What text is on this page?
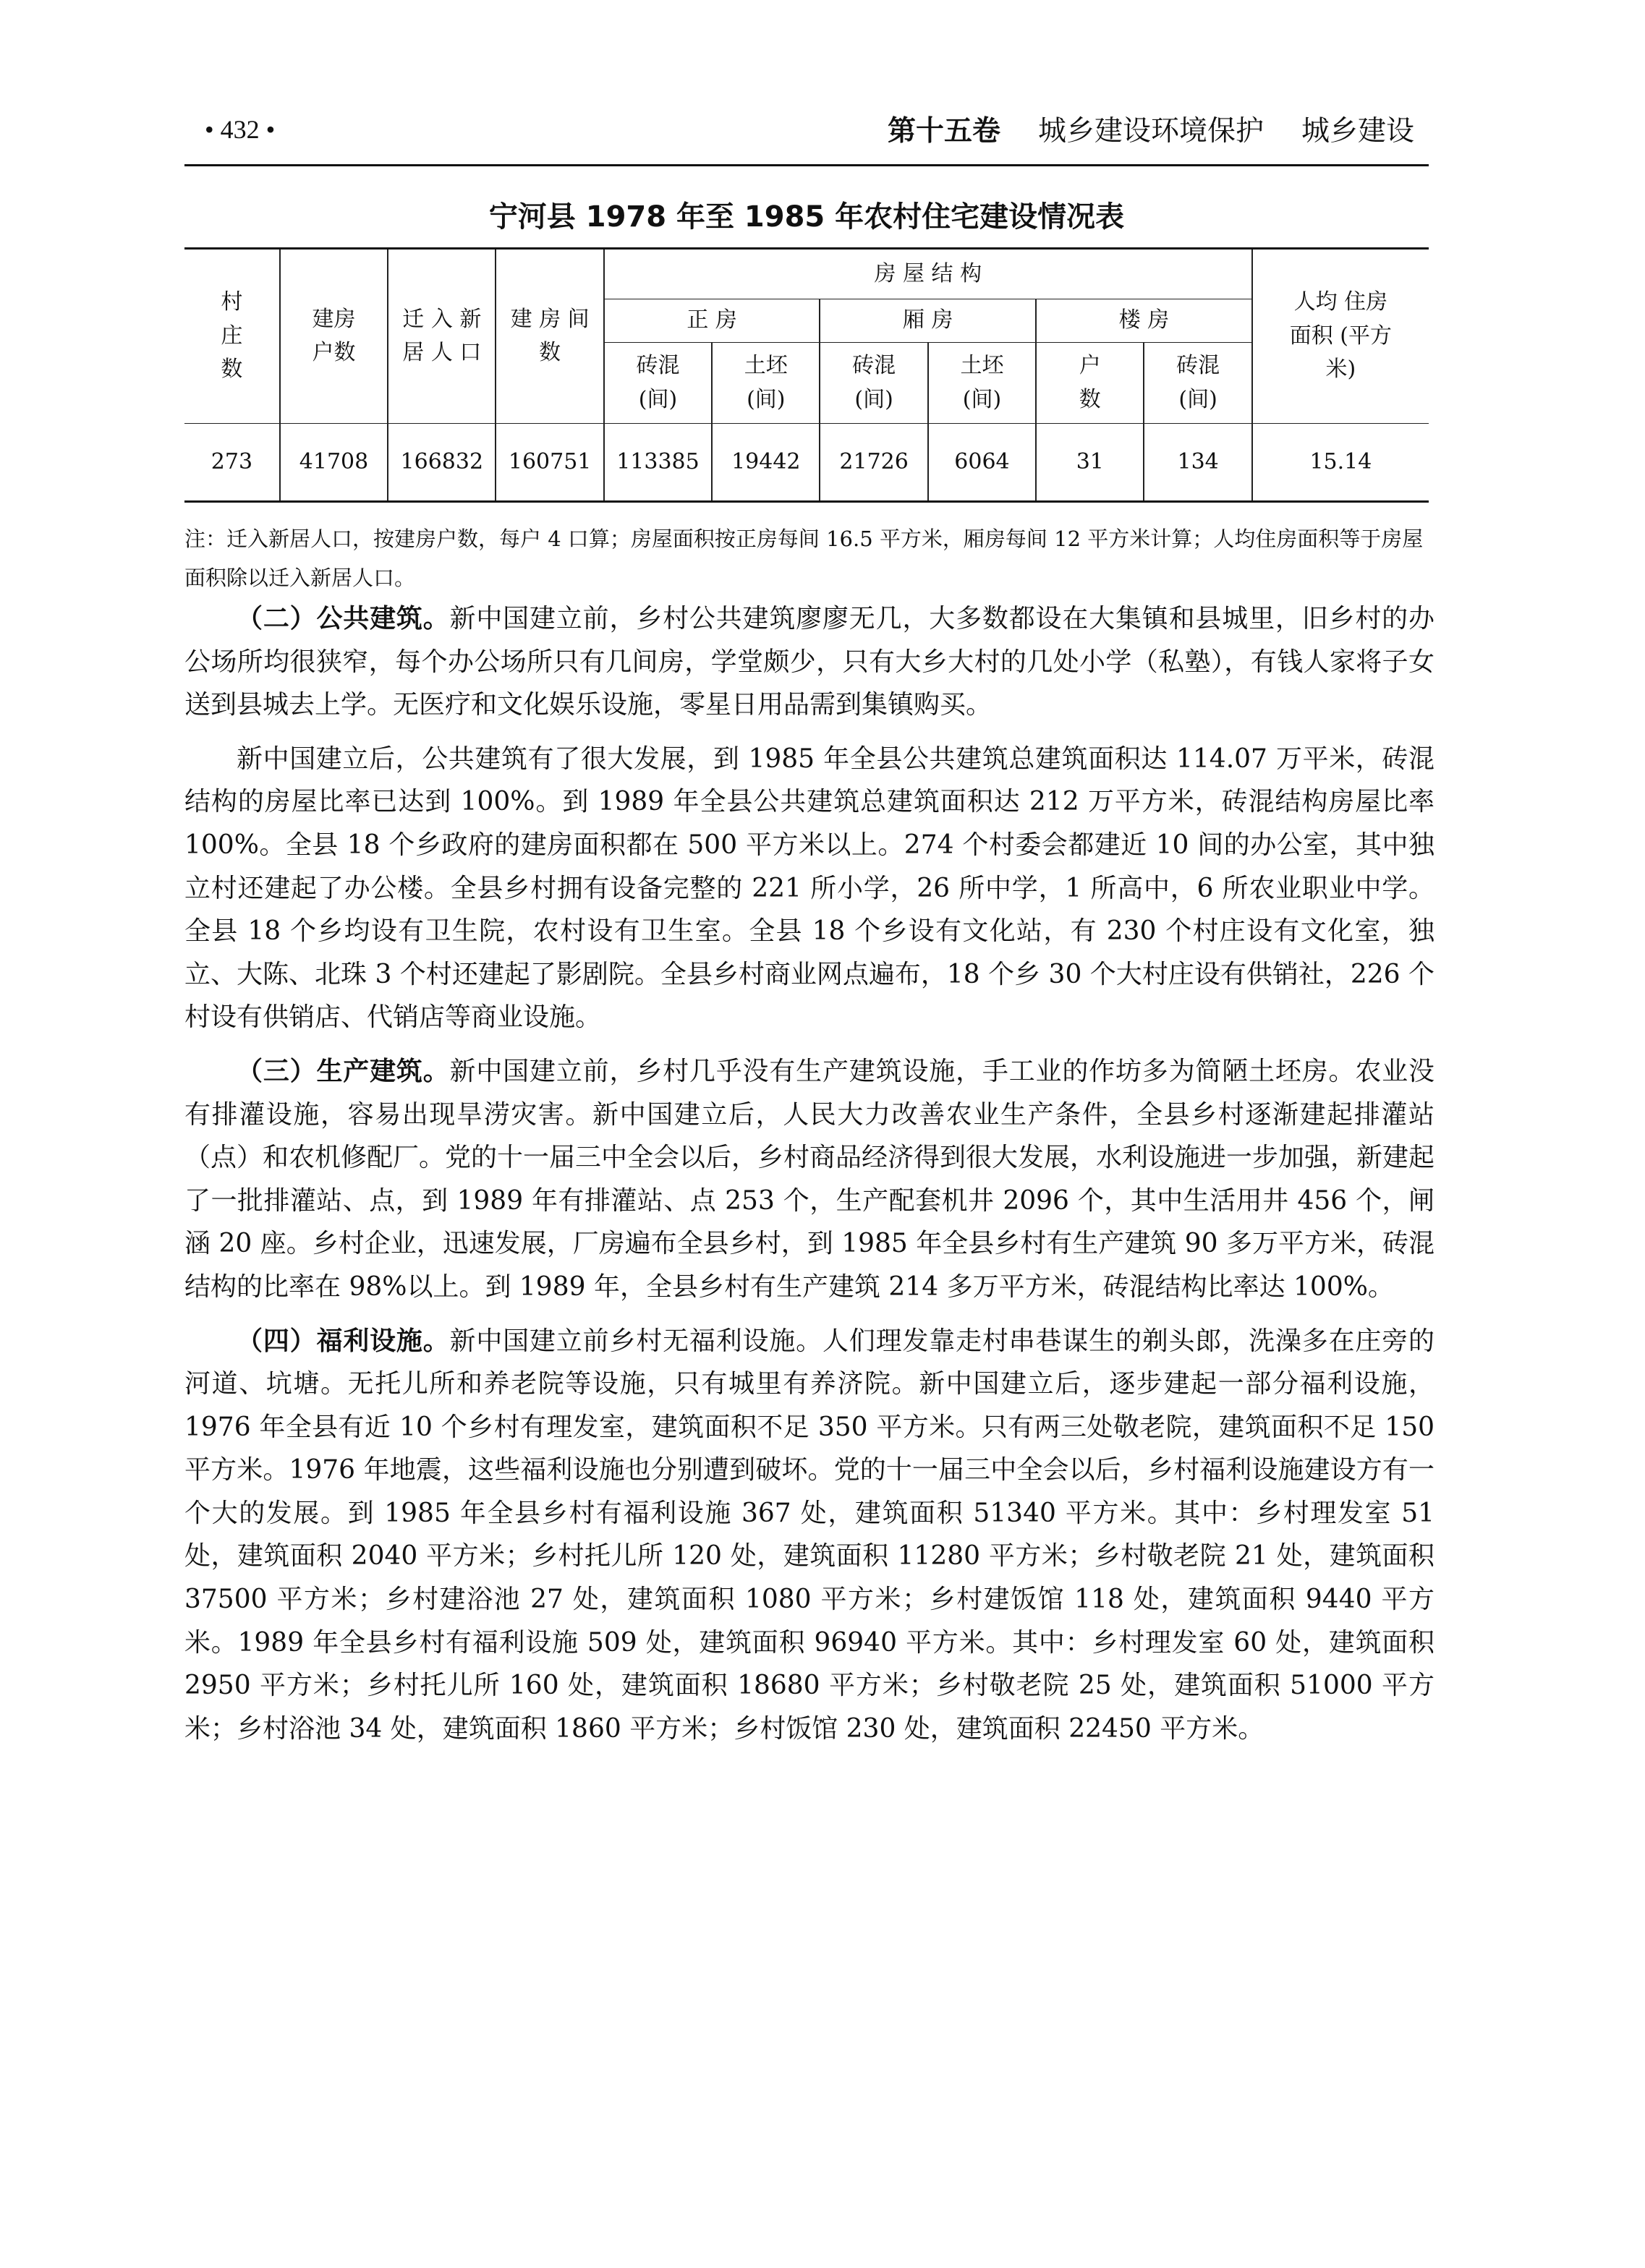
• 432 •	第十五卷 城乡建设环境保护 城乡建设
宁河县 1978 年至 1985 年农村住宅建设情况表
村 庄 数	建房 户数	迁 入 新 居 人 口	建 房 间 数	房 屋 结 构						人均 住房 面积 (平方米)
				正 房		厢 房		楼 房		
				砖混 (间)	土坯 (间)	砖混 (间)	土坯 (间)	户 数	砖混 (间)	
273	41708	166832	160751	113385	19442	21726	6064	31	134	15.14
注：迁入新居人口，按建房户数，每户 4 口算；房屋面积按正房每间 16.5 平方米，厢房每间 12 平方米计算；人均住房面积等于房屋面积除以迁入新居人口。

（二）公共建筑。新中国建立前，乡村公共建筑廖廖无几，大多数都设在大集镇和县城里，旧乡村的办公场所均很狭窄，每个办公场所只有几间房，学堂颇少，只有大乡大村的几处小学（私塾），有钱人家将子女送到县城去上学。无医疗和文化娱乐设施，零星日用品需到集镇购买。

新中国建立后，公共建筑有了很大发展，到 1985 年全县公共建筑总建筑面积达 114.07 万平米，砖混结构的房屋比率已达到 100%。到 1989 年全县公共建筑总建筑面积达 212 万平方米，砖混结构房屋比率 100%。全县 18 个乡政府的建房面积都在 500 平方米以上。274 个村委会都建近 10 间的办公室，其中独立村还建起了办公楼。全县乡村拥有设备完整的 221 所小学，26 所中学，1 所高中，6 所农业职业中学。全县 18 个乡均设有卫生院，农村设有卫生室。全县 18 个乡设有文化站，有 230 个村庄设有文化室，独立、大陈、北珠 3 个村还建起了影剧院。全县乡村商业网点遍布，18 个乡 30 个大村庄设有供销社，226 个村设有供销店、代销店等商业设施。

（三）生产建筑。新中国建立前，乡村几乎没有生产建筑设施，手工业的作坊多为简陋土坯房。农业没有排灌设施，容易出现旱涝灾害。新中国建立后，人民大力改善农业生产条件，全县乡村逐渐建起排灌站（点）和农机修配厂。党的十一届三中全会以后，乡村商品经济得到很大发展，水利设施进一步加强，新建起了一批排灌站、点，到 1989 年有排灌站、点 253 个，生产配套机井 2096 个，其中生活用井 456 个，闸涵 20 座。乡村企业，迅速发展，厂房遍布全县乡村，到 1985 年全县乡村有生产建筑 90 多万平方米，砖混结构的比率在 98%以上。到 1989 年，全县乡村有生产建筑 214 多万平方米，砖混结构比率达 100%。

（四）福利设施。新中国建立前乡村无福利设施。人们理发靠走村串巷谋生的剃头郎，洗澡多在庄旁的河道、坑塘。无托儿所和养老院等设施，只有城里有养济院。新中国建立后，逐步建起一部分福利设施，1976 年全县有近 10 个乡村有理发室，建筑面积不足 350 平方米。只有两三处敬老院，建筑面积不足 150 平方米。1976 年地震，这些福利设施也分别遭到破坏。党的十一届三中全会以后，乡村福利设施建设方有一个大的发展。到 1985 年全县乡村有福利设施 367 处，建筑面积 51340 平方米。其中：乡村理发室 51 处，建筑面积 2040 平方米；乡村托儿所 120 处，建筑面积 11280 平方米；乡村敬老院 21 处，建筑面积 37500 平方米；乡村建浴池 27 处，建筑面积 1080 平方米；乡村建饭馆 118 处，建筑面积 9440 平方米。1989 年全县乡村有福利设施 509 处，建筑面积 96940 平方米。其中：乡村理发室 60 处，建筑面积 2950 平方米；乡村托儿所 160 处，建筑面积 18680 平方米；乡村敬老院 25 处，建筑面积 51000 平方米；乡村浴池 34 处，建筑面积 1860 平方米；乡村饭馆 230 处，建筑面积 22450 平方米。
